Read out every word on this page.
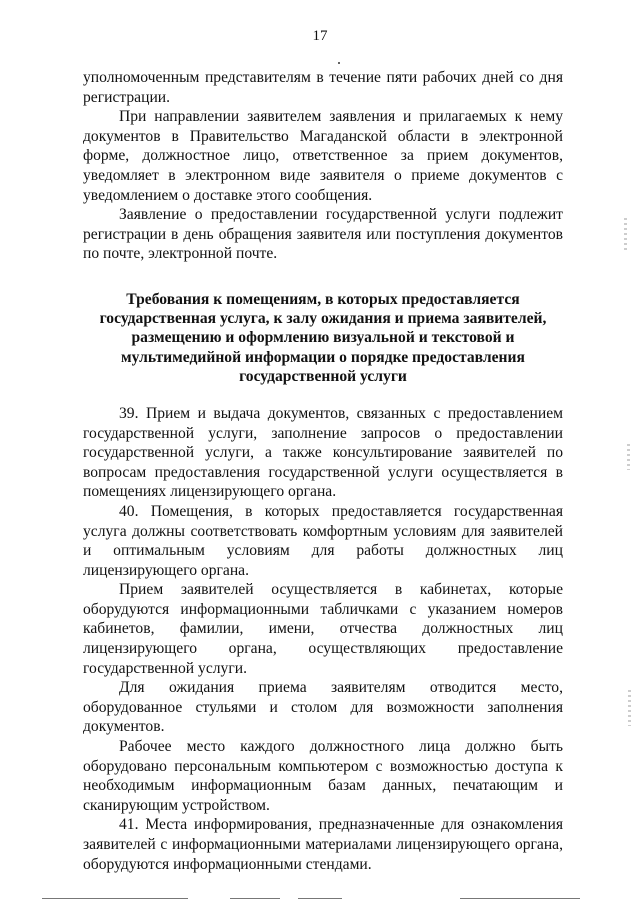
17

уполномоченным представителям в течение пяти рабочих дней со дня регистрации.

При направлении заявителем заявления и прилагаемых к нему документов в Правительство Магаданской области в электронной форме, должностное лицо, ответственное за прием документов, уведомляет в электронном виде заявителя о приеме документов с уведомлением о доставке этого сообщения.

Заявление о предоставлении государственной услуги подлежит регистрации в день обращения заявителя или поступления документов по почте, электронной почте.

Требования к помещениям, в которых предоставляется
государственная услуга, к залу ожидания и приема заявителей,
размещению и оформлению визуальной и текстовой и
мультимедийной информации о порядке предоставления
государственной услуги

39. Прием и выдача документов, связанных с предоставлением государственной услуги, заполнение запросов о предоставлении государственной услуги, а также консультирование заявителей по вопросам предоставления государственной услуги осуществляется в помещениях лицензирующего органа.

40. Помещения, в которых предоставляется государственная услуга должны соответствовать комфортным условиям для заявителей и оптимальным условиям для работы должностных лиц лицензирующего органа.

Прием заявителей осуществляется в кабинетах, которые оборудуются информационными табличками с указанием номеров кабинетов, фамилии, имени, отчества должностных лиц лицензирующего органа, осуществляющих предоставление государственной услуги.

Для ожидания приема заявителям отводится место, оборудованное стульями и столом для возможности заполнения документов.

Рабочее место каждого должностного лица должно быть оборудовано персональным компьютером с возможностью доступа к необходимым информационным базам данных, печатающим и сканирующим устройством.

41. Места информирования, предназначенные для ознакомления заявителей с информационными материалами лицензирующего органа, оборудуются информационными стендами.
